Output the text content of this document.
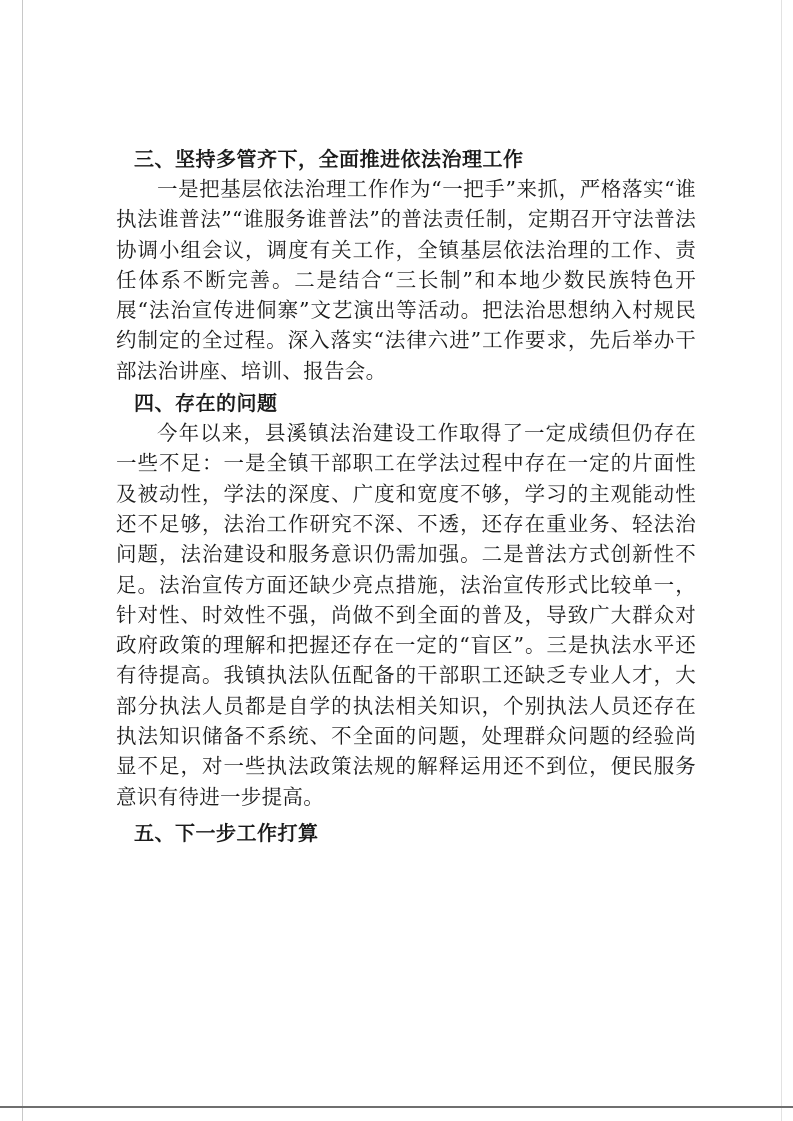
三、坚持多管齐下，全面推进依法治理工作

一是把基层依法治理工作作为“一把手”来抓，严格落实“谁执法谁普法”“谁服务谁普法”的普法责任制，定期召开守法普法协调小组会议，调度有关工作，全镇基层依法治理的工作、责任体系不断完善。二是结合“三长制”和本地少数民族特色开展“法治宣传进侗寨”文艺演出等活动。把法治思想纳入村规民约制定的全过程。深入落实“法律六进”工作要求，先后举办干部法治讲座、培训、报告会。

四、存在的问题

今年以来，县溪镇法治建设工作取得了一定成绩但仍存在一些不足：一是全镇干部职工在学法过程中存在一定的片面性及被动性，学法的深度、广度和宽度不够，学习的主观能动性还不足够，法治工作研究不深、不透，还存在重业务、轻法治问题，法治建设和服务意识仍需加强。二是普法方式创新性不足。法治宣传方面还缺少亮点措施，法治宣传形式比较单一，针对性、时效性不强，尚做不到全面的普及，导致广大群众对政府政策的理解和把握还存在一定的“盲区”。三是执法水平还有待提高。我镇执法队伍配备的干部职工还缺乏专业人才，大部分执法人员都是自学的执法相关知识，个别执法人员还存在执法知识储备不系统、不全面的问题，处理群众问题的经验尚显不足，对一些执法政策法规的解释运用还不到位，便民服务意识有待进一步提高。

五、下一步工作打算
